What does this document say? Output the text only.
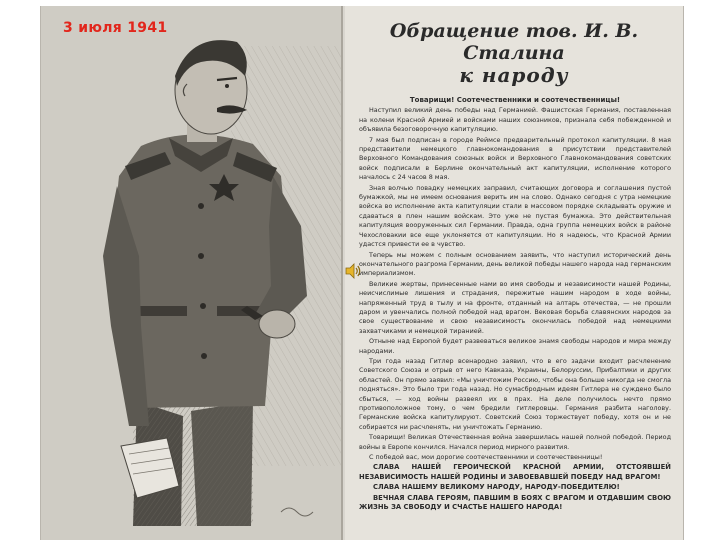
3 июля 1941	Обращение тов. И. В. Сталина
к народу

Товарищи! Соотечественники и соотечественницы!

Наступил великий день победы над Германией. Фашистская Германия, поставленная на колени Красной Армией и войсками наших союзников, признала себя побежденной и объявила безоговорочную капитуляцию.

7 мая был подписан в городе Реймсе предварительный протокол капитуляции. 8 мая представители немецкого главнокомандования в присутствии представителей Верховного Командования союзных войск и Верховного Главнокомандования советских войск подписали в Берлине окончательный акт капитуляции, исполнение которого началось с 24 часов 8 мая.

Зная волчью повадку немецких заправил, считающих договора и соглашения пустой бумажкой, мы не имеем основания верить им на слово. Однако сегодня с утра немецкие войска во исполнение акта капитуляции стали в массовом порядке складывать оружие и сдаваться в плен нашим войскам. Это уже не пустая бумажка. Это действительная капитуляция вооруженных сил Германии. Правда, одна группа немецких войск в районе Чехословакии все еще уклоняется от капитуляции. Но я надеюсь, что Красной Армии удастся привести ее в чувство.

Теперь мы можем с полным основанием заявить, что наступил исторический день окончательного разгрома Германии, день великой победы нашего народа над германским империализмом.

Великие жертвы, принесенные нами во имя свободы и независимости нашей Родины, неисчислимые лишения и страдания, пережитые нашим народом в ходе войны, напряженный труд в тылу и на фронте, отданный на алтарь отечества, — не прошли даром и увенчались полной победой над врагом. Вековая борьба славянских народов за свое существование и свою независимость окончилась победой над немецкими захватчиками и немецкой тиранией.

Отныне над Европой будет развеваться великое знамя свободы народов и мира между народами.

Три года назад Гитлер всенародно заявил, что в его задачи входит расчленение Советского Союза и отрыв от него Кавказа, Украины, Белоруссии, Прибалтики и других областей. Он прямо заявил: «Мы уничтожим Россию, чтобы она больше никогда не смогла подняться». Это было три года назад. Но сумасбродным идеям Гитлера не суждено было сбыться, — ход войны развеял их в прах. На деле получилось нечто прямо противоположное тому, о чем бредили гитлеровцы. Германия разбита наголову. Германские войска капитулируют. Советский Союз торжествует победу, хотя он и не собирается ни расчленять, ни уничтожать Германию.

Товарищи! Великая Отечественная война завершилась нашей полной победой. Период войны в Европе кончился. Начался период мирного развития.

С победой вас, мои дорогие соотечественники и соотечественницы!

СЛАВА НАШЕЙ ГЕРОИЧЕСКОЙ КРАСНОЙ АРМИИ, ОТСТОЯВШЕЙ НЕЗАВИСИМОСТЬ НАШЕЙ РОДИНЫ И ЗАВОЕВАВШЕЙ ПОБЕДУ НАД ВРАГОМ!

СЛАВА НАШЕМУ ВЕЛИКОМУ НАРОДУ, НАРОДУ-ПОБЕДИТЕЛЮ!

ВЕЧНАЯ СЛАВА ГЕРОЯМ, ПАВШИМ В БОЯХ С ВРАГОМ И ОТДАВШИМ СВОЮ ЖИЗНЬ ЗА СВОБОДУ И СЧАСТЬЕ НАШЕГО НАРОДА!
